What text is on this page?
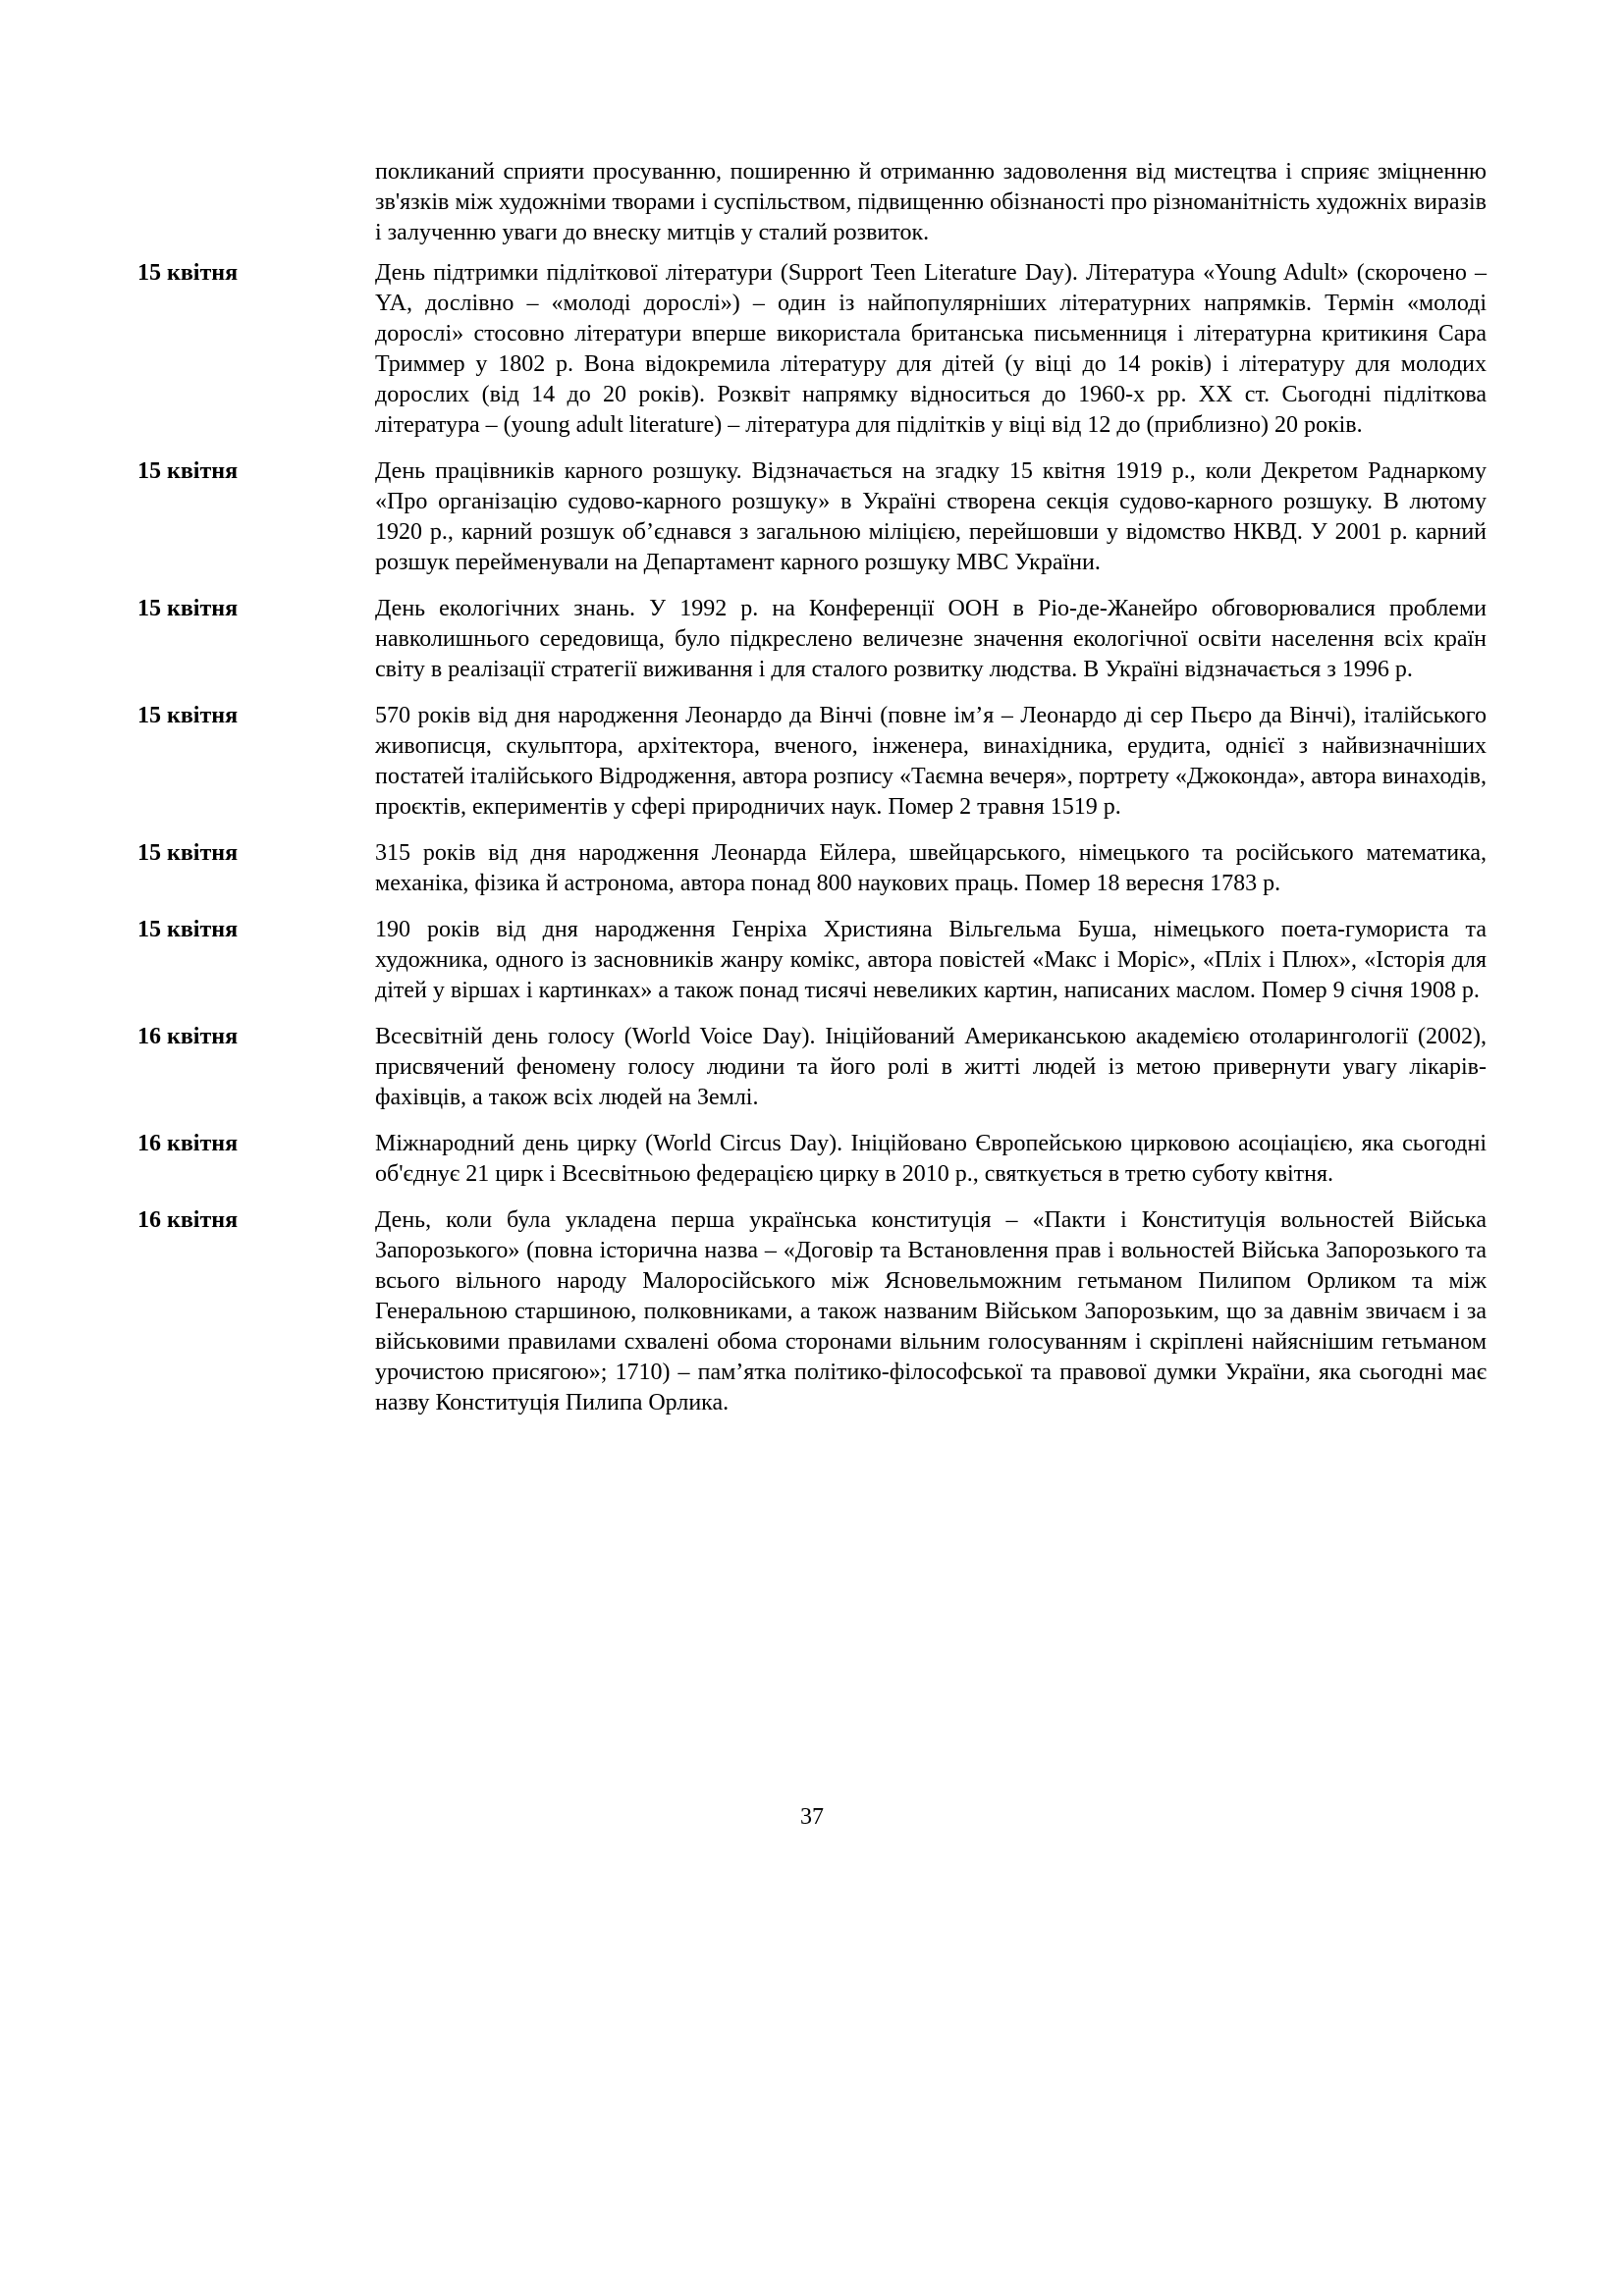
покликаний сприяти просуванню, поширенню й отриманню задоволення від мистецтва і сприяє зміцненню зв'язків між художніми творами і суспільством, підвищенню обізнаності про різноманітність художніх виразів і залученню уваги до внеску митців у сталий розвиток.

15 квітня	День підтримки підліткової літератури (Support Teen Literature Day). Література «Young Adult» (скорочено – YA, дослівно – «молоді дорослі») – один із найпопулярніших літературних напрямків. Термін «молоді дорослі» стосовно літератури вперше використала британська письменниця і літературна критикиня Сара Триммер у 1802 р. Вона відокремила літературу для дітей (у віці до 14 років) і літературу для молодих дорослих (від 14 до 20 років). Розквіт напрямку відноситься до 1960-х рр. ХХ ст. Сьогодні підліткова література – (young adult literature) – література для підлітків у віці від 12 до (приблизно) 20 років.
15 квітня	День працівників карного розшуку. Відзначається на згадку 15 квітня 1919 р., коли Декретом Раднаркому «Про організацію судово-карного розшуку» в Україні створена секція судово-карного розшуку. В лютому 1920 р., карний розшук об’єднався з загальною міліцією, перейшовши у відомство НКВД. У 2001 р. карний розшук перейменували на Департамент карного розшуку МВС України.
15 квітня	День екологічних знань. У 1992 р. на Конференції ООН в Ріо-де-Жанейро обговорювалися проблеми навколишнього середовища, було підкреслено величезне значення екологічної освіти населення всіх країн світу в реалізації стратегії виживання і для сталого розвитку людства. В Україні відзначається з 1996 р.
15 квітня	570 років від дня народження Леонардо да Вінчі (повне ім’я – Леонардо ді сер Пьєро да Вінчі), італійського живописця, скульптора, архітектора, вченого, інженера, винахідника, ерудита, однієї з найвизначніших постатей італійського Відродження, автора розпису «Таємна вечеря», портрету «Джоконда», автора винаходів, проєктів, екпериментів у сфері природничих наук. Помер 2 травня 1519 р.
15 квітня	315 років від дня народження Леонарда Ейлера, швейцарського, німецького та російського математика, механіка, фізика й астронома, автора понад 800 наукових праць. Помер 18 вересня 1783 р.
15 квітня	190 років від дня народження Генріха Християна Вільгельма Буша, німецького поета-гумориста та художника, одного із засновників жанру комікс, автора повістей «Макс і Моріс», «Пліх і Плюх», «Історія для дітей у віршах і картинках» а також понад тисячі невеликих картин, написаних маслом. Помер 9 січня 1908 р.
16 квітня	Всесвітній день голосу (World Voice Day). Ініційований Американською академією отоларингології (2002), присвячений феномену голосу людини та його ролі в житті людей із метою привернути увагу лікарів-фахівців, а також всіх людей на Землі.
16 квітня	Міжнародний день цирку (World Circus Day). Ініційовано Європейською цирковою асоціацією, яка сьогодні об'єднує 21 цирк і Всесвітньою федерацією цирку в 2010 р., святкується в третю суботу квітня.
16 квітня	День, коли була укладена перша українська конституція – «Пакти і Конституція вольностей Війська Запорозького» (повна історична назва – «Договір та Встановлення прав і вольностей Війська Запорозького та всього вільного народу Малоросійського між Ясновельможним гетьманом Пилипом Орликом та між Генеральною старшиною, полковниками, а також названим Військом Запорозьким, що за давнім звичаєм і за військовими правилами схвалені обома сторонами вільним голосуванням і скріплені найяснішим гетьманом урочистою присягою»; 1710) – пам’ятка політико-філософської та правової думки України, яка сьогодні має назву Конституція Пилипа Орлика.
37
